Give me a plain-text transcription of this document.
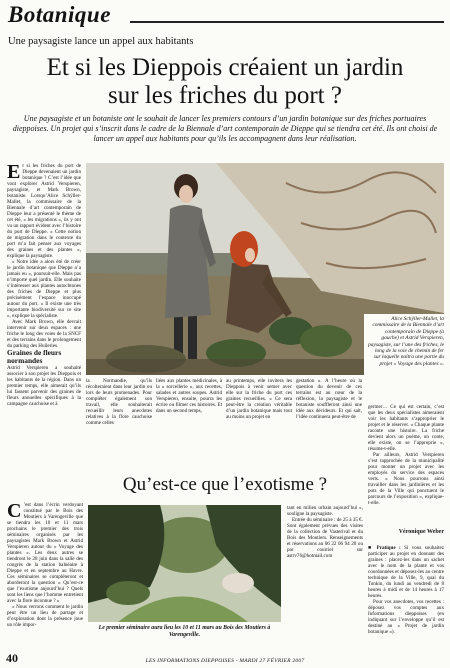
Botanique
Une paysagiste lance un appel aux habitants
Et si les Dieppois créaient un jardin
sur les friches du port ?
Une paysagiste et un botaniste ont le souhait de lancer les premiers contours d’un jardin botanique sur des friches portuaires dieppoises. Un projet qui s’inscrit dans le cadre de la Biennale d’art contemporain de Dieppe qui se tiendra cet été. Ils ont choisi de lancer un appel aux habitants pour qu’ils les accompagnent dans leur réalisation.

Et si les friches du port de Dieppe devenaient un jardin botanique ? C’est l’idée que vont explorer Astrid Verspieren, paysagiste, et Mark Brown, botaniste. Lorsqu’Alice Schÿller-Mallet, la commissaire de la Biennale d’art contemporain de Dieppe leur a présenté le thème de cet été, « les migrations », ils y ont vu un rapport évident avec l’histoire du port de Dieppe. « Cette notion de migration dans le contexte du port m’a fait penser aux voyages des graines et des plantes », explique la paysagiste.

« Notre idée a alors été de créer le jardin botanique que Dieppe n’a jamais eu », poursuit-elle. Mais pas n’importe quel jardin. Elle souhaite s’intéresser aux plantes autochtones des friches de Dieppe et plus précisément l’espace inoccupé autour du port. « Il existe une très importante biodiversité sur ce site », explique la spécialiste.

Avec Mark Brown, elle devrait intervenir sur deux espaces : une friche le long des voies de la SNCF et des terrains dans le prolongement du parking des Huileries.

Graines de fleurs normandes

Astrid Verspieren a souhaité associer à son projet les Dieppois et les habitants de la région. Dans un premier temps, elle aimerait qu’ils lui fassent parvenir des graines de fleurs annuelles spécifiques à la campagne cauchoise et à

Alice Schÿller-Mallet, la commissaire de la Biennale d’art contemporain de Dieppe (à gauche) et Astrid Verspieren, paysagiste, sur l’une des friches, le long de la voie de chemin de fer sur laquelle naîtra une partie du projet « Voyage des plantes ».

la Normandie, qu’ils récolteraient dans leur jardin ou lors de leurs promenades. Pour compléter également son travail, elle souhaiterait recueillir leurs anecdotes relatives à la flore cauchoise comme celles

liées aux plantes médicinales, à la « sorcellerie », aux recettes, salades et autres soupes. Astrid Verspieren, ensuite, pourra les écrire ou filmer ces histoires. Et dans un second temps,

au printemps, elle invitera les Dieppois à venir semer avec elle sur la friche du port ces graines recueillies. « Ce sera peut-être la création véritable d’un jardin botanique mais tout au moins un projet en

gestation ». À l’heure où la question du devenir de ces terrains est au cœur de la réflexion, la paysagiste et le botaniste souffleront ainsi une idée aux décideurs. Et qui sait, l’idée continuera peut-être de

germer… Ce qui est certain, c’est que les deux spécialistes aimeraient voir les habitants s’approprier le projet et le réserver. « Chaque plante raconte une histoire. La friche devient alors un poème, un conte, elle existe, on se l’approprie », résume-t-elle.

Par ailleurs, Astrid Verspieren s’est rapprochée de la municipalité pour monter un projet avec les employés du service des espaces verts. « Nous pourrons ainsi travailler dans les jardinières et les pots de la Ville qui ponctuent le parcours de l’exposition », explique-t-elle.

Véronique Weber
Qu’est-ce que l’exotisme ?

C ’est dans l’écrin verdoyant constitué par le Bois des Moutiers à Varengeville que se tiendra les 10 et 11 mars prochains le premier des trois séminaires organisés par les paysagistes Mark Brown et Astrid Verspieren autour du « Voyage des plantes ». Les deux autres se tiendront le 28 juin dans la salle des congrès de la station balnéaire à Dieppe et en septembre au Havre. Ces séminaires se compléteront et aborderont la question « Qu’est-ce que l’exotisme aujourd’hui ? Quels sont les liens que l’homme entretient avec la flore inconnue ? »

« Nous verrons comment le jardin peut être un lieu de partage et d’exploration dont la présence joue un rôle impor-	Le premier séminaire aura lieu les 10 et 11 mars au Bois des Moutiers à Varengeville.

tant en milieu urbain aujourd’hui », souligne la paysagiste.

Entrée du séminaire : de 25 à 35 €. Sont également prévues des visites de la collection de Vasterival et du Bois des Moutiers. Renseignements et réservations au 06 22 06 94 20 ou par courriel sur astrv76@hotmail.com

■ Pratique : Si vous souhaitez participer au projet en donnant des graines : placez-les dans un sachet avec le nom de la plante et vos coordonnées et déposez-les au centre technique de la Ville, 9, quai du Tonkin, du lundi au vendredi de 8 heures à midi et de 14 heures à 17 heures.

Pour vos anecdotes, vos recettes : déposez vos comptes aux Informations dieppoises (en indiquant sur l’enveloppe qu’il est destiné au « Projet de jardin botanique »).

40	LES INFORMATIONS DIEPPOISES - MARDI 27 FÉVRIER 2007
